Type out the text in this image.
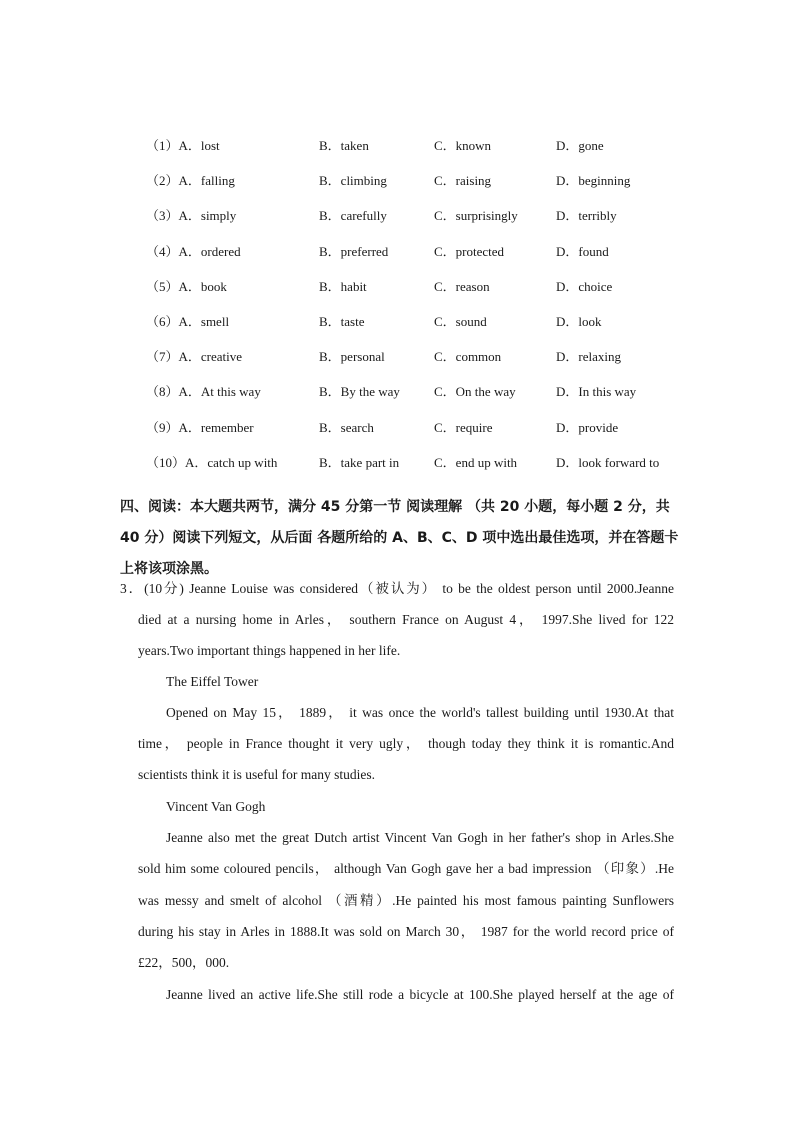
（1）A．lost	B．taken	C．known	D．gone
（2）A．falling	B．climbing	C．raising	D．beginning
（3）A．simply	B．carefully	C．surprisingly	D．terribly
（4）A．ordered	B．preferred	C．protected	D．found
（5）A．book	B．habit	C．reason	D．choice
（6）A．smell	B．taste	C．sound	D．look
（7）A．creative	B．personal	C．common	D．relaxing
（8）A．At this way	B．By the way	C．On the way	D．In this way
（9）A．remember	B．search	C．require	D．provide
（10）A．catch up with	B．take part in	C．end up with	D．look forward to
四、阅读：本大题共两节，满分 45 分第一节 阅读理解 （共 20 小题，每小题 2 分，共
40 分）阅读下列短文，从后面 各题所给的 A、B、C、D 项中选出最佳选项，并在答题卡
上将该项涂黑。
3．(10分) Jeanne Louise was considered（被认为） to be the oldest person until 2000.Jeanne
died at a nursing home in Arles， southern France on August 4， 1997.She lived for 122
years.Two important things happened in her life.
The Eiffel Tower
Opened on May 15， 1889， it was once the world's tallest building until 1930.At that
time， people in France thought it very ugly， though today they think it is romantic.And
scientists think it is useful for many studies.
Vincent Van Gogh
Jeanne also met the great Dutch artist Vincent Van Gogh in her father's shop in Arles.She
sold him some coloured pencils， although Van Gogh gave her a bad impression （印象）.He
was messy and smelt of alcohol （酒精）.He painted his most famous painting Sunflowers
during his stay in Arles in 1888.It was sold on March 30， 1987 for the world record price of
£22，500，000.
Jeanne lived an active life.She still rode a bicycle at 100.She played herself at the age of
